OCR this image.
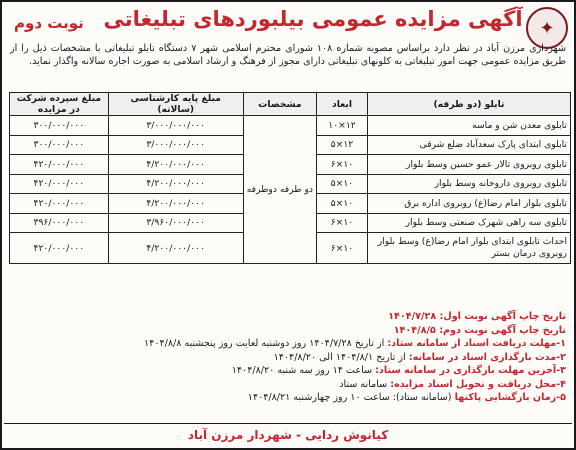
✦
آگهی مزایده عمومی بیلبوردهای تبلیغاتی
نوبت دوم
شهرداری مرزن آباد در نظر دارد براساس مصوبه شماره ۱۰۸ شورای محترم اسلامی شهر ۷ دستگاه تابلو تبلیغاتی با مشخصات ذیل را از طریق مزایده عمومی جهت امور تبلیغاتی به کلونهای تبلیغاتی دارای مجوز از فرهنگ و ارشاد اسلامی به صورت اجاره سالانه واگذار نماید.
تابلو (دو طرفه)	ابعاد	مشخصات	مبلغ پایه کارشناسی (سالانه)	مبلغ سپرده شرکت در مزایده
تابلوی معدن شن و ماسه	۱۲×۱۰	دو طرفه دوطرفه	۳/۰۰۰/۰۰۰/۰۰۰	۳۰۰/۰۰۰/۰۰۰
تابلوی ابتدای پارک سعدآباد ضلع شرقی	۱۲×۵		۳/۰۰۰/۰۰۰/۰۰۰	۳۰۰/۰۰۰/۰۰۰
تابلوی روبروی تالار عمو حسین وسط بلوار	۱۰×۶		۴/۲۰۰/۰۰۰/۰۰۰	۴۲۰/۰۰۰/۰۰۰
تابلوی روبروی داروخانه وسط بلوار	۱۰×۵		۴/۲۰۰/۰۰۰/۰۰۰	۴۲۰/۰۰۰/۰۰۰
تابلوی بلوار امام رضا(ع) روبروی اداره برق	۱۰×۵		۴/۲۰۰/۰۰۰/۰۰۰	۴۲۰/۰۰۰/۰۰۰
تابلوی سه راهی شهرک صنعتی وسط بلوار	۱۰×۶		۳/۹۶۰/۰۰۰/۰۰۰	۳۹۶/۰۰۰/۰۰۰
احداث تابلوی ابتدای بلوار امام رضا(ع) وسط بلوار روبروی درمان بستر	۱۰×۶		۴/۲۰۰/۰۰۰/۰۰۰	۴۲۰/۰۰۰/۰۰۰
تاریخ چاپ آگهی نوبت اول: ۱۴۰۴/۷/۲۸
تاریخ چاپ آگهی نوبت دوم: ۱۴۰۴/۸/۵
۱-مهلت دریافت اسناد از سامانه ستاد: از تاریخ ۱۴۰۴/۷/۲۸ روز دوشنبه لغایت روز پنجشنبه ۱۴۰۴/۸/۸
۲-مدت بارگذاری اسناد در سامانه: از تاریخ ۱۴۰۴/۸/۱ الی ۱۴۰۴/۸/۲۰
۳-آخرین مهلت بارگذاری در سامانه ستاد: ساعت ۱۴ روز سه شنبه ۱۴۰۴/۸/۲۰
۴-محل دریافت و تحویل اسناد مزایده: سامانه ستاد
۵-زمان بازگشایی پاکتها (سامانه ستاد): ساعت ۱۰ روز چهارشنبه ۱۴۰۴/۸/۲۱
کیانوش ردایی - شهردار مرزن آباد
